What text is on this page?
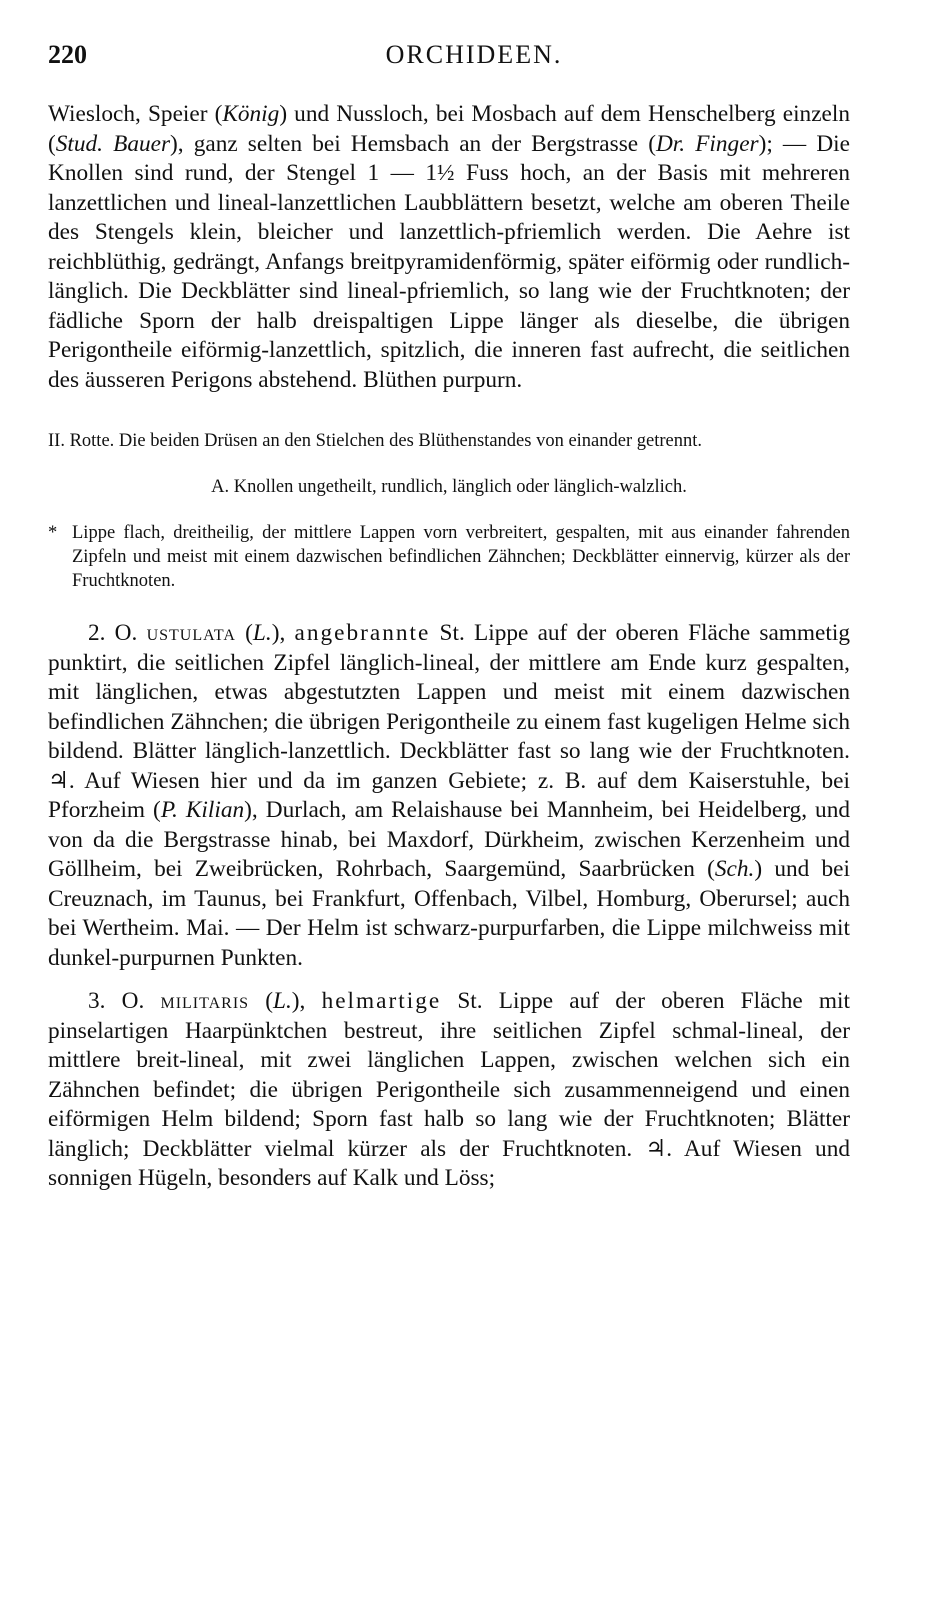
220	ORCHIDEEN.

Wiesloch, Speier (König) und Nussloch, bei Mosbach auf dem Henschelberg einzeln (Stud. Bauer), ganz selten bei Hemsbach an der Bergstrasse (Dr. Finger); — Die Knollen sind rund, der Stengel 1 — 1½ Fuss hoch, an der Basis mit mehreren lanzettlichen und lineal-lanzettlichen Laubblättern besetzt, welche am oberen Theile des Stengels klein, bleicher und lanzettlich-pfriemlich werden. Die Aehre ist reichblüthig, gedrängt, Anfangs breitpyramidenförmig, später eiförmig oder rundlich-länglich. Die Deckblätter sind lineal-pfriemlich, so lang wie der Fruchtknoten; der fädliche Sporn der halb dreispaltigen Lippe länger als dieselbe, die übrigen Perigontheile eiförmig-lanzettlich, spitzlich, die inneren fast aufrecht, die seitlichen des äusseren Perigons abstehend. Blüthen purpurn.

II. Rotte. Die beiden Drüsen an den Stielchen des Blüthenstandes von einander getrennt.

A. Knollen ungetheilt, rundlich, länglich oder länglich-walzlich.

* Lippe flach, dreitheilig, der mittlere Lappen vorn verbreitert, gespalten, mit aus einander fahrenden Zipfeln und meist mit einem dazwischen befindlichen Zähnchen; Deckblätter einnervig, kürzer als der Fruchtknoten.

2. O. ustulata (L.), angebrannte St. Lippe auf der oberen Fläche sammetig punktirt, die seitlichen Zipfel länglich-lineal, der mittlere am Ende kurz gespalten, mit länglichen, etwas abgestutzten Lappen und meist mit einem dazwischen befindlichen Zähnchen; die übrigen Perigontheile zu einem fast kugeligen Helme sich bildend. Blätter länglich-lanzettlich. Deckblätter fast so lang wie der Fruchtknoten. ♃. Auf Wiesen hier und da im ganzen Gebiete; z. B. auf dem Kaiserstuhle, bei Pforzheim (P. Kilian), Durlach, am Relaishause bei Mannheim, bei Heidelberg, und von da die Bergstrasse hinab, bei Maxdorf, Dürkheim, zwischen Kerzenheim und Göllheim, bei Zweibrücken, Rohrbach, Saargemünd, Saarbrücken (Sch.) und bei Creuznach, im Taunus, bei Frankfurt, Offenbach, Vilbel, Homburg, Oberursel; auch bei Wertheim. Mai. — Der Helm ist schwarz-purpurfarben, die Lippe milchweiss mit dunkel-purpurnen Punkten.

3. O. militaris (L.), helmartige St. Lippe auf der oberen Fläche mit pinselartigen Haarpünktchen bestreut, ihre seitlichen Zipfel schmal-lineal, der mittlere breit-lineal, mit zwei länglichen Lappen, zwischen welchen sich ein Zähnchen befindet; die übrigen Perigontheile sich zusammenneigend und einen eiförmigen Helm bildend; Sporn fast halb so lang wie der Fruchtknoten; Blätter länglich; Deckblätter vielmal kürzer als der Fruchtknoten. ♃. Auf Wiesen und sonnigen Hügeln, besonders auf Kalk und Löss;
